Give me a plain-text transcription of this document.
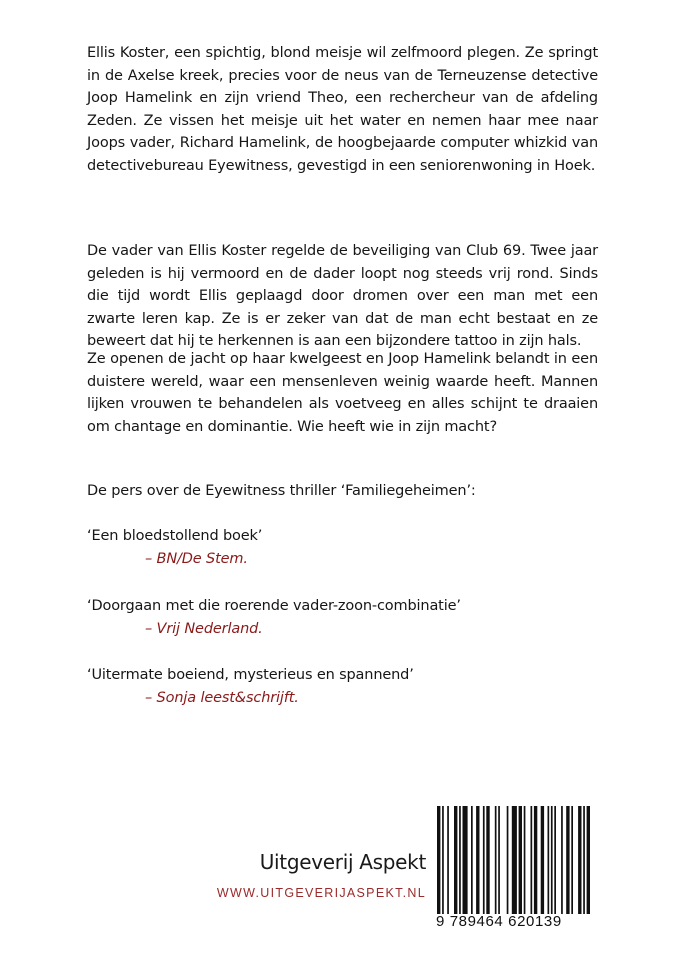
Ellis Koster, een spichtig, blond meisje wil zelfmoord plegen. Ze springt in de Axelse kreek, precies voor de neus van de Terneuzense detective Joop Hamelink en zijn vriend Theo, een rechercheur van de afdeling Zeden. Ze vissen het meisje uit het water en nemen haar mee naar Joops vader, Richard Hamelink, de hoogbejaarde computer whizkid van detectivebureau Eyewitness, gevestigd in een seniorenwoning in Hoek.

De vader van Ellis Koster regelde de beveiliging van Club 69. Twee jaar geleden is hij vermoord en de dader loopt nog steeds vrij rond. Sinds die tijd wordt Ellis geplaagd door dromen over een man met een zwarte leren kap. Ze is er zeker van dat de man echt bestaat en ze beweert dat hij te herkennen is aan een bijzondere tattoo in zijn hals.

Ze openen de jacht op haar kwelgeest en Joop Hamelink belandt in een duistere wereld, waar een mensenleven weinig waarde heeft. Mannen lijken vrouwen te behandelen als voetveeg en alles schijnt te draaien om chantage en dominantie. Wie heeft wie in zijn macht?

De pers over de Eyewitness thriller ‘Familiegeheimen’:
‘Een bloedstollend boek’
– BN/De Stem.
‘Doorgaan met die roerende vader-zoon-combinatie’
– Vrij Nederland.
‘Uitermate boeiend, mysterieus en spannend’
– Sonja leest&schrijft.
Uitgeverij Aspekt
WWW.UITGEVERIJASPEKT.NL
9 789464 620139
